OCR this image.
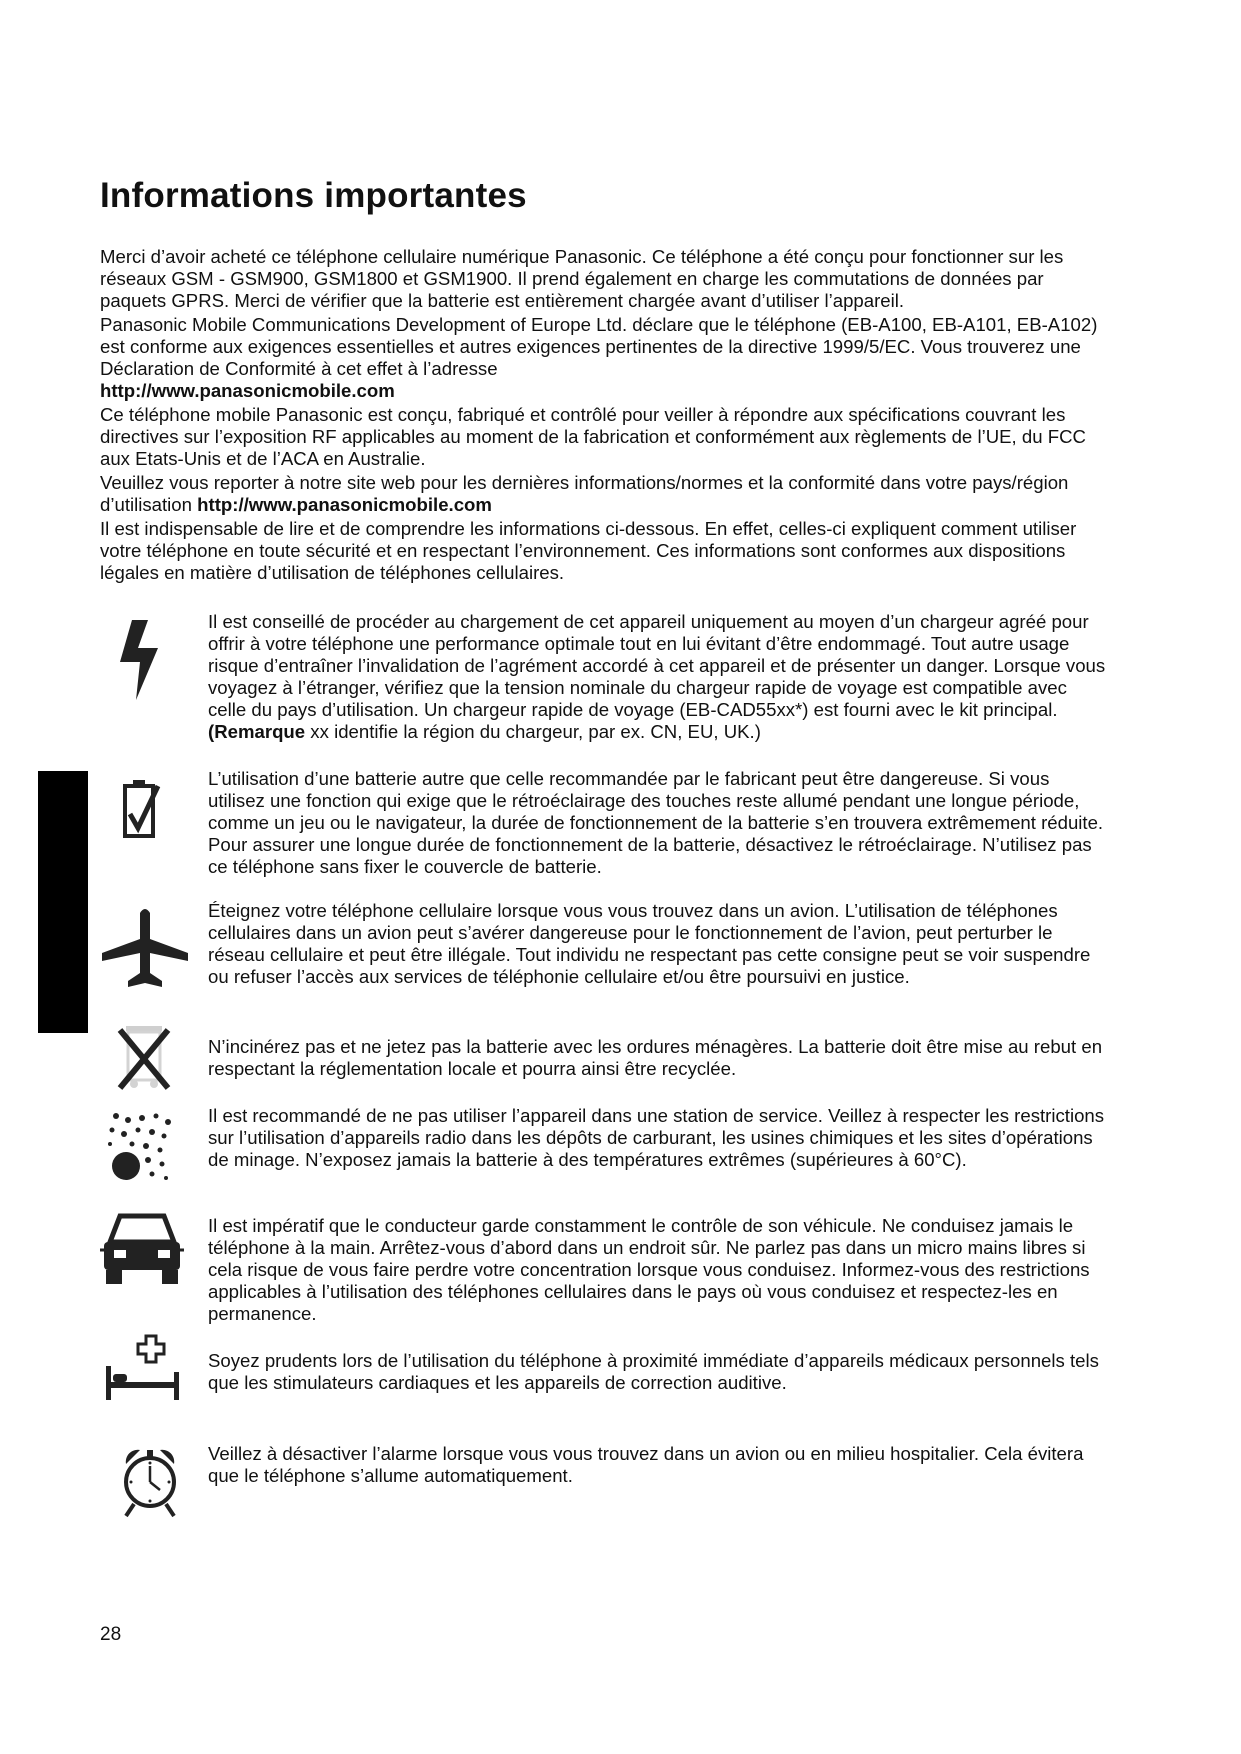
Informations importantes

Merci d’avoir acheté ce téléphone cellulaire numérique Panasonic. Ce téléphone a été conçu pour fonctionner sur les réseaux GSM - GSM900, GSM1800 et GSM1900. Il prend également en charge les commutations de données par paquets GPRS. Merci de vérifier que la batterie est entièrement chargée avant d’utiliser l’appareil.

Panasonic Mobile Communications Development of Europe Ltd. déclare que le téléphone (EB-A100, EB-A101, EB-A102) est conforme aux exigences essentielles et autres exigences pertinentes de la directive 1999/5/EC. Vous trouverez une Déclaration de Conformité à cet effet à l’adresse
http://www.panasonicmobile.com

Ce téléphone mobile Panasonic est conçu, fabriqué et contrôlé pour veiller à répondre aux spécifications couvrant les directives sur l’exposition RF applicables au moment de la fabrication et conformément aux règlements de l’UE, du FCC aux Etats-Unis et de l’ACA en Australie.

Veuillez vous reporter à notre site web pour les dernières informations/normes et la conformité dans votre pays/région d’utilisation http://www.panasonicmobile.com

Il est indispensable de lire et de comprendre les informations ci-dessous. En effet, celles-ci expliquent comment utiliser votre téléphone en toute sécurité et en respectant l’environnement. Ces informations sont conformes aux dispositions légales en matière d’utilisation de téléphones cellulaires.

Il est conseillé de procéder au chargement de cet appareil uniquement au moyen d’un chargeur agréé pour offrir à votre téléphone une performance optimale tout en lui évitant d’être endommagé. Tout autre usage risque d’entraîner l’invalidation de l’agrément accordé à cet appareil et de présenter un danger. Lorsque vous voyagez à l’étranger, vérifiez que la tension nominale du chargeur rapide de voyage est compatible avec celle du pays d’utilisation. Un chargeur rapide de voyage (EB-CAD55xx*) est fourni avec le kit principal.
(Remarque xx identifie la région du chargeur, par ex. CN, EU, UK.)

L’utilisation d’une batterie autre que celle recommandée par le fabricant peut être dangereuse. Si vous utilisez une fonction qui exige que le rétroéclairage des touches reste allumé pendant une longue période, comme un jeu ou le navigateur, la durée de fonctionnement de la batterie s’en trouvera extrêmement réduite. Pour assurer une longue durée de fonctionnement de la batterie, désactivez le rétroéclairage. N’utilisez pas ce téléphone sans fixer le couvercle de batterie.

Éteignez votre téléphone cellulaire lorsque vous vous trouvez dans un avion. L’utilisation de téléphones cellulaires dans un avion peut s’avérer dangereuse pour le fonctionnement de l’avion, peut perturber le réseau cellulaire et peut être illégale. Tout individu ne respectant pas cette consigne peut se voir suspendre ou refuser l’accès aux services de téléphonie cellulaire et/ou être poursuivi en justice.

N’incinérez pas et ne jetez pas la batterie avec les ordures ménagères. La batterie doit être mise au rebut en respectant la réglementation locale et pourra ainsi être recyclée.

Il est recommandé de ne pas utiliser l’appareil dans une station de service. Veillez à respecter les restrictions sur l’utilisation d’appareils radio dans les dépôts de carburant, les usines chimiques et les sites d’opérations de minage. N’exposez jamais la batterie à des températures extrêmes (supérieures à 60°C).

Il est impératif que le conducteur garde constamment le contrôle de son véhicule. Ne conduisez jamais le téléphone à la main. Arrêtez-vous d’abord dans un endroit sûr. Ne parlez pas dans un micro mains libres si cela risque de vous faire perdre votre concentration lorsque vous conduisez. Informez-vous des restrictions applicables à l’utilisation des téléphones cellulaires dans le pays où vous conduisez et respectez-les en permanence.

Soyez prudents lors de l’utilisation du téléphone à proximité immédiate d’appareils médicaux personnels tels que les stimulateurs cardiaques et les appareils de correction auditive.

Veillez à désactiver l’alarme lorsque vous vous trouvez dans un avion ou en milieu hospitalier. Cela évitera que le téléphone s’allume automatiquement.

28
